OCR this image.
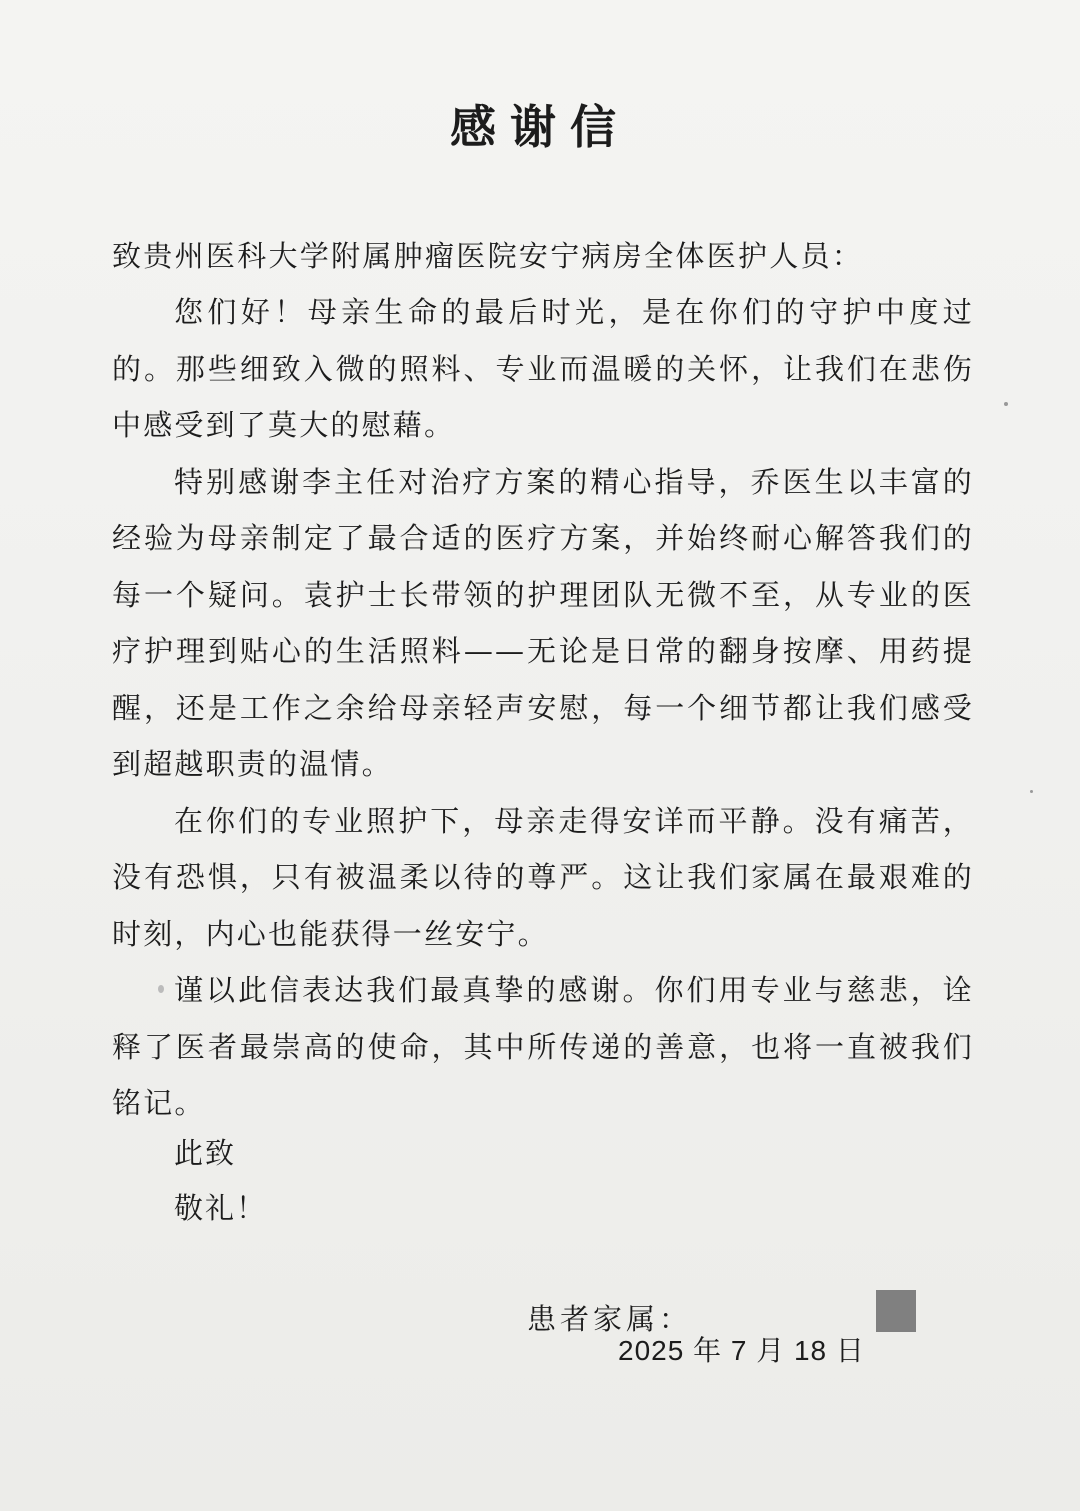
感谢信

致贵州医科大学附属肿瘤医院安宁病房全体医护人员：

您们好！母亲生命的最后时光，是在你们的守护中度过的。那些细致入微的照料、专业而温暖的关怀，让我们在悲伤中感受到了莫大的慰藉。

特别感谢李主任对治疗方案的精心指导，乔医生以丰富的经验为母亲制定了最合适的医疗方案，并始终耐心解答我们的每一个疑问。袁护士长带领的护理团队无微不至，从专业的医疗护理到贴心的生活照料——无论是日常的翻身按摩、用药提醒，还是工作之余给母亲轻声安慰，每一个细节都让我们感受到超越职责的温情。

在你们的专业照护下，母亲走得安详而平静。没有痛苦，没有恐惧，只有被温柔以待的尊严。这让我们家属在最艰难的时刻，内心也能获得一丝安宁。

谨以此信表达我们最真挚的感谢。你们用专业与慈悲，诠释了医者最崇高的使命，其中所传递的善意，也将一直被我们铭记。

此致

敬礼！

患者家属：
2025 年 7 月 18 日
